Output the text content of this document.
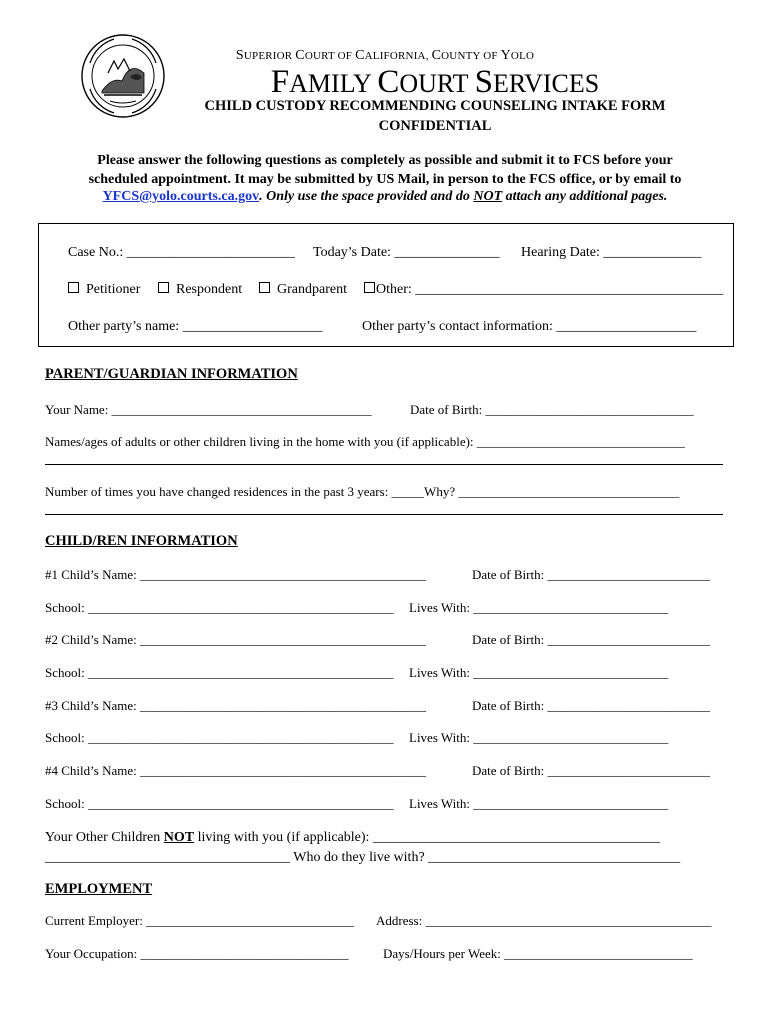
SUPERIOR COURT OF CALIFORNIA, COUNTY OF YOLO
FAMILY COURT SERVICES
CHILD CUSTODY RECOMMENDING COUNSELING INTAKE FORM
CONFIDENTIAL
Please answer the following questions as completely as possible and submit it to FCS before your
scheduled appointment. It may be submitted by US Mail, in person to the FCS office, or by email to
YFCS@yolo.courts.ca.gov. Only use the space provided and do NOT attach any additional pages.
Case No.: ________________________ Today’s Date: _______________ Hearing Date: ______________
Petitioner	Respondent	Grandparent	Other: ____________________________________________
Other party’s name: ____________________	Other party’s contact information: ____________________
PARENT/GUARDIAN INFORMATION
Your Name: ________________________________________	Date of Birth: ________________________________
Names/ages of adults or other children living in the home with you (if applicable): ________________________________
Number of times you have changed residences in the past 3 years: _____Why? __________________________________
CHILD/REN INFORMATION
#1 Child’s Name: ____________________________________________	Date of Birth: _________________________
School: _______________________________________________ Lives With: ______________________________
#2 Child’s Name: ____________________________________________	Date of Birth: _________________________
School: _______________________________________________ Lives With: ______________________________
#3 Child’s Name: ____________________________________________	Date of Birth: _________________________
School: _______________________________________________ Lives With: ______________________________
#4 Child’s Name: ____________________________________________	Date of Birth: _________________________
School: _______________________________________________ Lives With: ______________________________
Your Other Children NOT living with you (if applicable): _________________________________________
___________________________________ Who do they live with? ____________________________________
EMPLOYMENT
Current Employer: ________________________________ Address: ____________________________________________
Your Occupation: ________________________________	Days/Hours per Week: _____________________________
